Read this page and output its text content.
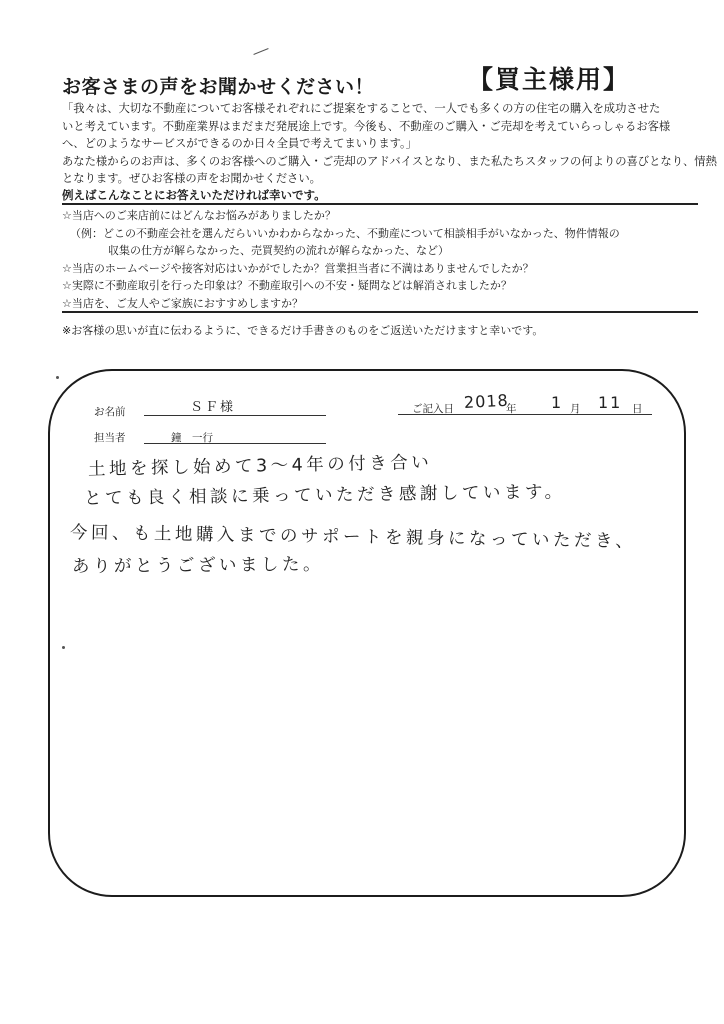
お客さまの声をお聞かせください！	【買主様用】
「我々は、大切な不動産についてお客様それぞれにご提案をすることで、一人でも多くの方の住宅の購入を成功させた
いと考えています。不動産業界はまだまだ発展途上です。今後も、不動産のご購入・ご売却を考えていらっしゃるお客様
へ、どのようなサービスができるのか日々全員で考えてまいります。」
あなた様からのお声は、多くのお客様へのご購入・ご売却のアドバイスとなり、また私たちスタッフの何よりの喜びとなり、情熱
となります。ぜひお客様の声をお聞かせください。
例えばこんなことにお答えいただければ幸いです。
☆当店へのご来店前にはどんなお悩みがありましたか？
（例：どこの不動産会社を選んだらいいかわからなかった、不動産について相談相手がいなかった、物件情報の
収集の仕方が解らなかった、売買契約の流れが解らなかった、など）
☆当店のホームページや接客対応はいかがでしたか？営業担当者に不満はありませんでしたか？
☆実際に不動産取引を行った印象は？不動産取引への不安・疑問などは解消されましたか？
☆当店を、ご友人やご家族におすすめしますか？
※お客様の思いが直に伝わるように、できるだけ手書きのものをご返送いただけますと幸いです。
お名前	ＳＦ様	ご記入日 2018
年 1 月 11 日
担当者	鐘　一行
土地を探し始めて3〜4年の付き合い
とても良く相談に乗っていただき感謝しています。
今回、も土地購入までのサポートを親身になっていただき、
ありがとうございました。
